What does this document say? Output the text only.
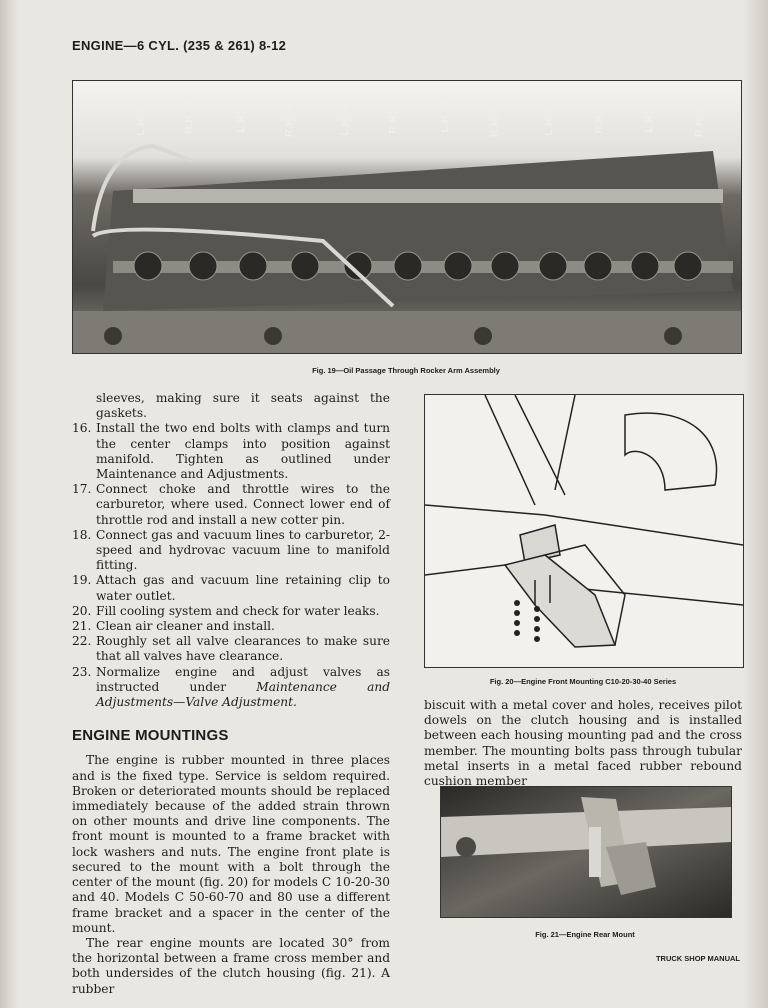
ENGINE—6 CYL. (235 & 261) 8-12
L.H. EX.	R.H. IN.	L.H. IN.	R.H. EX.	L.H. EX.	R.H. IN.	L.H. IN.	R.H. EX.	L.H. EX.	R.H. IN.	L.H. IN.	R.H. EX.
Fig. 19—Oil Passage Through Rocker Arm Assembly
Fig. 20—Engine Front Mounting C10-20-30-40 Series
Fig. 21—Engine Rear Mount

sleeves, making sure it seats against the gaskets.

16. Install the two end bolts with clamps and turn the center clamps into position against manifold. Tighten as outlined under Maintenance and Adjustments.
17. Connect choke and throttle wires to the carburetor, where used. Connect lower end of throttle rod and install a new cotter pin.
18. Connect gas and vacuum lines to carburetor, 2-speed and hydrovac vacuum line to manifold fitting.
19. Attach gas and vacuum line retaining clip to water outlet.
20. Fill cooling system and check for water leaks.
21. Clean air cleaner and install.
22. Roughly set all valve clearances to make sure that all valves have clearance.
23. Normalize engine and adjust valves as instructed under Maintenance and Adjustments—Valve Adjustment.
ENGINE MOUNTINGS

The engine is rubber mounted in three places and is the fixed type. Service is seldom required. Broken or deteriorated mounts should be replaced immediately because of the added strain thrown on other mounts and drive line components. The front mount is mounted to a frame bracket with lock washers and nuts. The engine front plate is secured to the mount with a bolt through the center of the mount (fig. 20) for models C 10-20-30 and 40. Models C 50-60-70 and 80 use a different frame bracket and a spacer in the center of the mount.

The rear engine mounts are located 30° from the horizontal between a frame cross member and both undersides of the clutch housing (fig. 21). A rubber

biscuit with a metal cover and holes, receives pilot dowels on the clutch housing and is installed between each housing mounting pad and the cross member. The mounting bolts pass through tubular metal inserts in a metal faced rubber rebound cushion member

TRUCK SHOP MANUAL
